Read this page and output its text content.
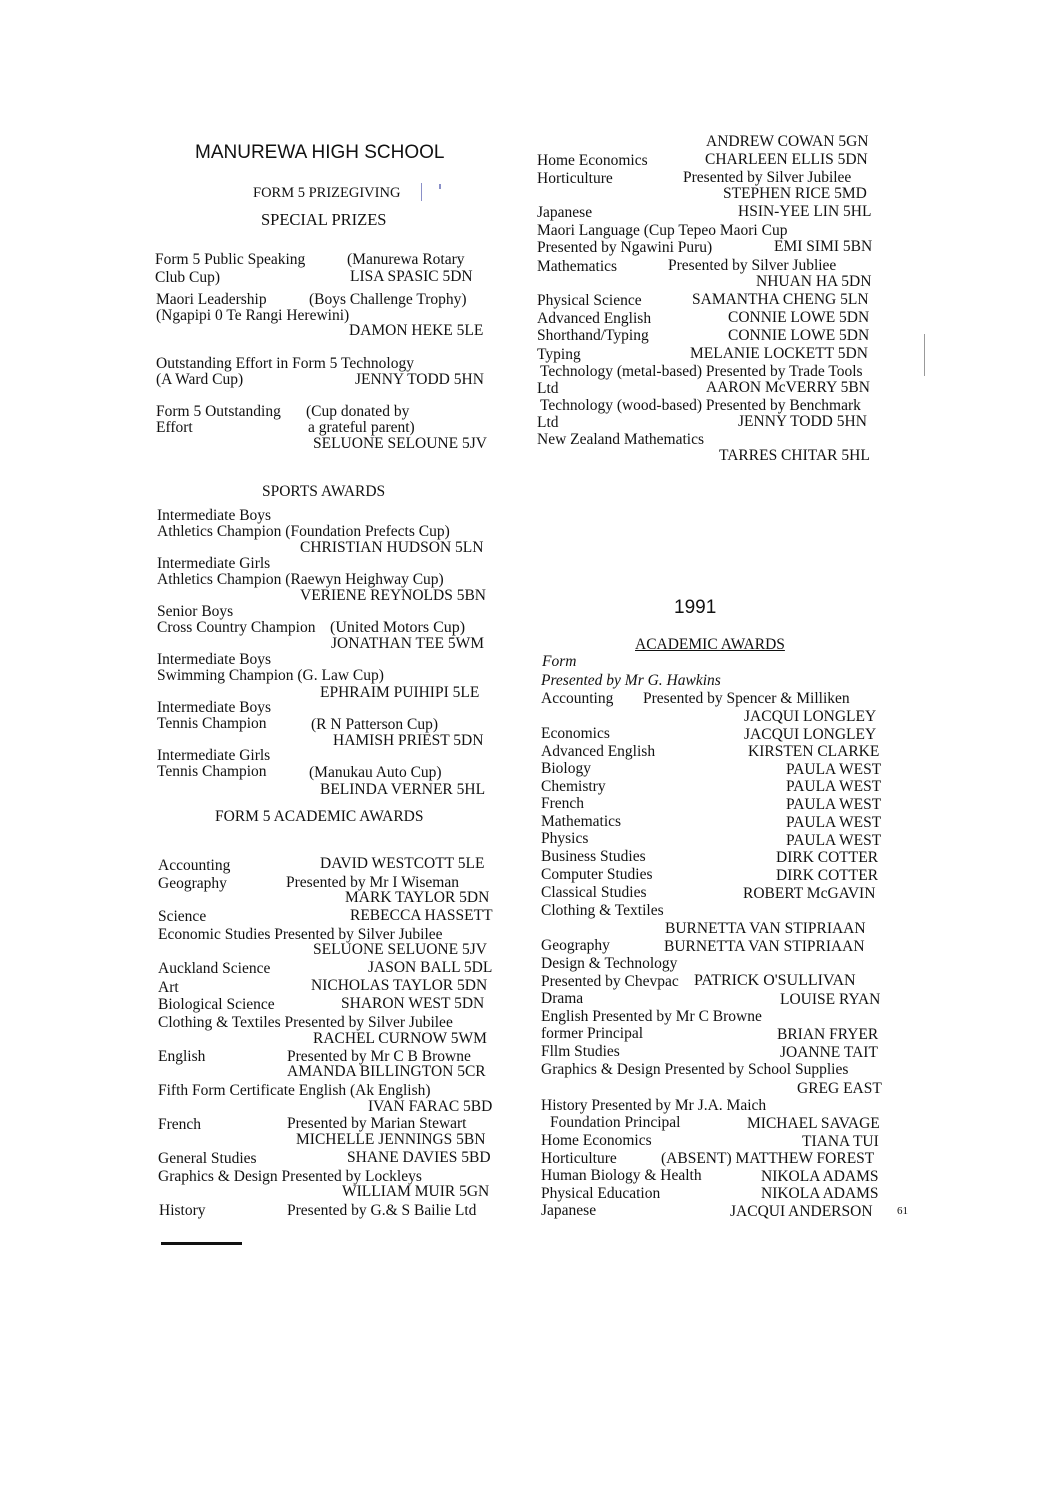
MANUREWA HIGH SCHOOL
FORM 5 PRIZEGIVING
SPECIAL PRIZES
Form 5 Public Speaking	(Manurewa Rotary
Club Cup)	LISA SPASIC 5DN
Maori Leadership	(Boys Challenge Trophy)
(Ngapipi 0 Te Rangi Herewini)
DAMON HEKE 5LE
Outstanding Effort in Form 5 Technology
(A Ward Cup)	JENNY TODD 5HN
Form 5 Outstanding (Cup donated by
Effort	a grateful parent)
SELUONE SELOUNE 5JV
SPORTS AWARDS
Intermediate Boys
Athletics Champion (Foundation Prefects Cup)
CHRISTIAN HUDSON 5LN
Intermediate Girls
Athletics Champion (Raewyn Heighway Cup)
VERIENE REYNOLDS 5BN
Senior Boys
Cross Country Champion (United Motors Cup)
JONATHAN TEE 5WM
Intermediate Boys
Swimming Champion (G. Law Cup)
EPHRAIM PUIHIPI 5LE
Intermediate Boys
Tennis Champion	(R N Patterson Cup)
HAMISH PRIEST 5DN
Intermediate Girls
Tennis Champion	(Manukau Auto Cup)
BELINDA VERNER 5HL
FORM 5 ACADEMIC AWARDS
Accounting	DAVID WESTCOTT 5LE
Geography	Presented by Mr I Wiseman
MARK TAYLOR 5DN
Science	REBECCA HASSETT
Economic Studies Presented by Silver Jubilee
SELUONE SELUONE 5JV
Auckland Science	JASON BALL 5DL
Art	NICHOLAS TAYLOR 5DN
Biological Science	SHARON WEST 5DN
Clothing & Textiles Presented by Silver Jubilee
RACHEL CURNOW 5WM
English	Presented by Mr C B Browne
AMANDA BILLINGTON 5CR
Fifth Form Certificate English (Ak English)
IVAN FARAC 5BD
French	Presented by Marian Stewart
MICHELLE JENNINGS 5BN
General Studies	SHANE DAVIES 5BD
Graphics & Design Presented by Lockleys
WILLIAM MUIR 5GN
History	Presented by G.& S Bailie Ltd
ANDREW COWAN 5GN
Home Economics	CHARLEEN ELLIS 5DN
Horticulture	Presented by Silver Jubilee
STEPHEN RICE 5MD
Japanese	HSIN-YEE LIN 5HL
Maori Language (Cup Tepeo Maori Cup
Presented by Ngawini Puru)	EMI SIMI 5BN
Mathematics	Presented by Silver Jubliee
NHUAN HA 5DN
Physical Science	SAMANTHA CHENG 5LN
Advanced English	CONNIE LOWE 5DN
Shorthand/Typing	CONNIE LOWE 5DN
Typing	MELANIE LOCKETT 5DN
Technology (metal-based) Presented by Trade Tools
Ltd	AARON McVERRY 5BN
Technology (wood-based) Presented by Benchmark
Ltd	JENNY TODD 5HN
New Zealand Mathematics
TARRES CHITAR 5HL
1991
ACADEMIC AWARDS
Form
Presented by Mr G. Hawkins
Accounting Presented by Spencer & Milliken
JACQUI LONGLEY
Economics	JACQUI LONGLEY
Advanced English	KIRSTEN CLARKE
Biology	PAULA WEST
Chemistry	PAULA WEST
French	PAULA WEST
Mathematics	PAULA WEST
Physics	PAULA WEST
Business Studies	DIRK COTTER
Computer Studies	DIRK COTTER
Classical Studies	ROBERT McGAVIN
Clothing & Textiles
BURNETTA VAN STIPRIAAN
Geography	BURNETTA VAN STIPRIAAN
Design & Technology
Presented by Chevpac PATRICK O'SULLIVAN
Drama	LOUISE RYAN
English Presented by Mr C Browne
former Principal	BRIAN FRYER
Fllm Studies	JOANNE TAIT
Graphics & Design Presented by School Supplies
GREG EAST
History Presented by Mr J.A. Maich
Foundation Principal	MICHAEL SAVAGE
Home Economics	TIANA TUI
Horticulture	(ABSENT) MATTHEW FOREST
Human Biology & Health	NIKOLA ADAMS
Physical Education	NIKOLA ADAMS
Japanese	JACQUI ANDERSON 61
